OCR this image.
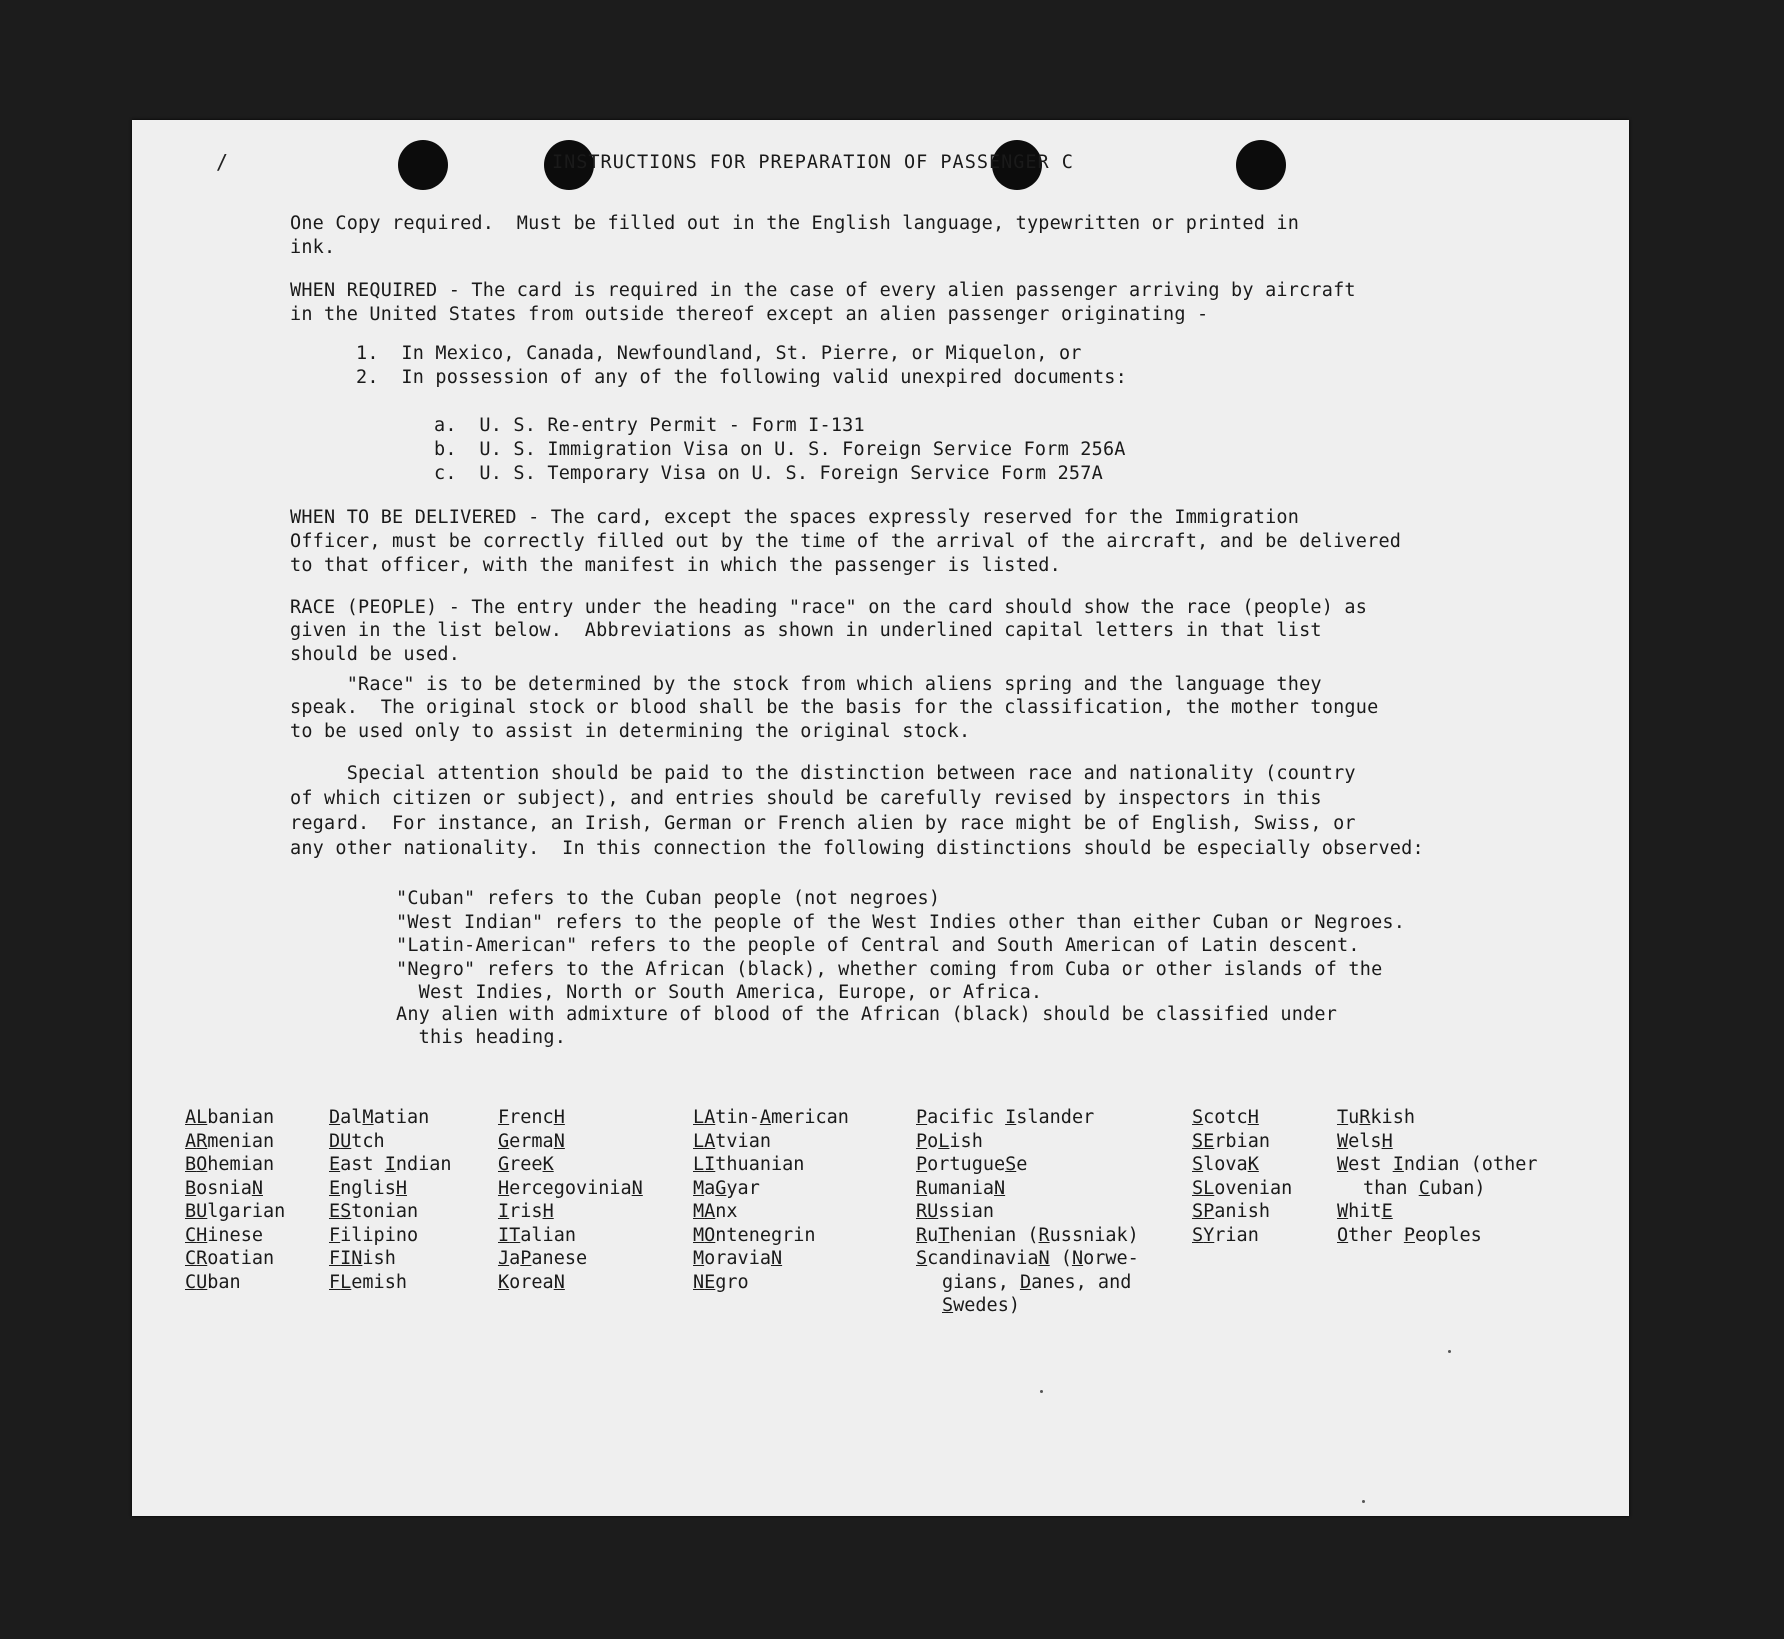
/	INSTRUCTIONS FOR PREPARATION OF PASSENGER C
One Copy required.  Must be filled out in the English language, typewritten or printed in
ink.
WHEN REQUIRED - The card is required in the case of every alien passenger arriving by aircraft
in the United States from outside thereof except an alien passenger originating -
1.  In Mexico, Canada, Newfoundland, St. Pierre, or Miquelon, or
2.  In possession of any of the following valid unexpired documents:
a.  U. S. Re-entry Permit - Form I-131
b.  U. S. Immigration Visa on U. S. Foreign Service Form 256A
c.  U. S. Temporary Visa on U. S. Foreign Service Form 257A
WHEN TO BE DELIVERED - The card, except the spaces expressly reserved for the Immigration
Officer, must be correctly filled out by the time of the arrival of the aircraft, and be delivered
to that officer, with the manifest in which the passenger is listed.
RACE (PEOPLE) - The entry under the heading "race" on the card should show the race (people) as
given in the list below.  Abbreviations as shown in underlined capital letters in that list
should be used.
"Race" is to be determined by the stock from which aliens spring and the language they
speak.  The original stock or blood shall be the basis for the classification, the mother tongue
to be used only to assist in determining the original stock.
Special attention should be paid to the distinction between race and nationality (country
of which citizen or subject), and entries should be carefully revised by inspectors in this
regard.  For instance, an Irish, German or French alien by race might be of English, Swiss, or
any other nationality.  In this connection the following distinctions should be especially observed:
"Cuban" refers to the Cuban people (not negroes)
"West Indian" refers to the people of the West Indies other than either Cuban or Negroes.
"Latin-American" refers to the people of Central and South American of Latin descent.
"Negro" refers to the African (black), whether coming from Cuba or other islands of the
West Indies, North or South America, Europe, or Africa.
Any alien with admixture of blood of the African (black) should be classified under
this heading.
ALbanian
ARmenian
BOhemian
BosniaN
BUlgarian
CHinese
CRoatian
CUban
DalMatian
DUtch
East Indian
EnglisH
EStonian
Filipino
FINish
FLemish
FrencH
GermaN
GreeK
HercegoviniaN
IrisH
ITalian
JaPanese
KoreaN
LAtin-American
LAtvian
LIthuanian
MaGyar
MAnx
MOntenegrin
MoraviaN
NEgro
Pacific Islander
PoLish
PortugueSe
RumaniaN
RUssian
RuThenian (Russniak)
ScandinaviaN (Norwe-
gians, Danes, and
Swedes)
ScotcH
SErbian
SlovaK
SLovenian
SPanish
SYrian
TuRkish
WelsH
West Indian (other
than Cuban)
WhitE
Other Peoples
